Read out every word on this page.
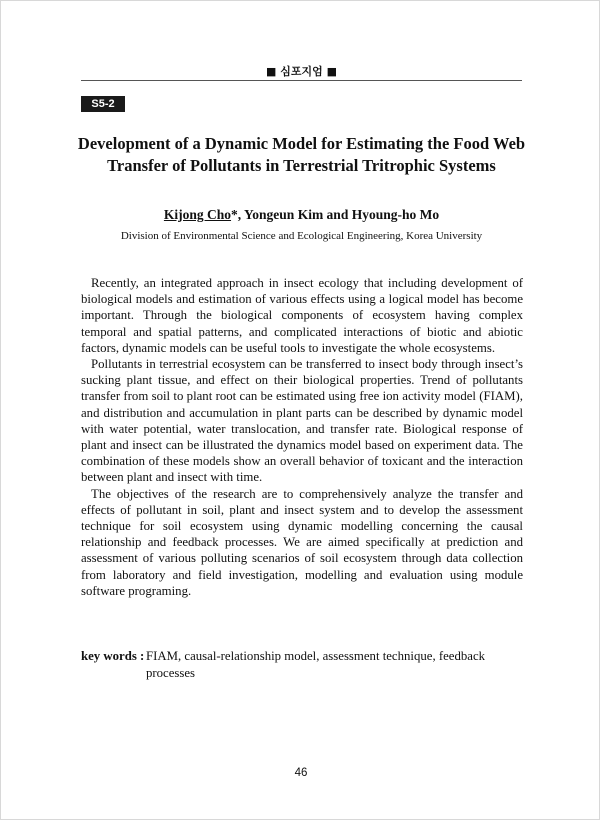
■ 심포지엄 ■
S5-2
Development of a Dynamic Model for Estimating the Food Web Transfer of Pollutants in Terrestrial Tritrophic Systems
Kijong Cho*, Yongeun Kim and Hyoung-ho Mo
Division of Environmental Science and Ecological Engineering, Korea University

Recently, an integrated approach in insect ecology that including development of biological models and estimation of various effects using a logical model has become important. Through the biological components of ecosystem having complex temporal and spatial patterns, and complicated interactions of biotic and abiotic factors, dynamic models can be useful tools to investigate the whole ecosystems.

Pollutants in terrestrial ecosystem can be transferred to insect body through insect’s sucking plant tissue, and effect on their biological properties. Trend of pollutants transfer from soil to plant root can be estimated using free ion activity model (FIAM), and distribution and accumulation in plant parts can be described by dynamic model with water potential, water translocation, and transfer rate. Biological response of plant and insect can be illustrated the dynamics model based on experiment data. The combination of these models show an overall behavior of toxicant and the interaction between plant and insect with time.

The objectives of the research are to comprehensively analyze the transfer and effects of pollutant in soil, plant and insect system and to develop the assessment technique for soil ecosystem using dynamic modelling concerning the causal relationship and feedback processes. We are aimed specifically at prediction and assessment of various polluting scenarios of soil ecosystem through data collection from laboratory and field investigation, modelling and evaluation using module software programing.

key words : FIAM, causal-relationship model, assessment technique, feedback processes
46
